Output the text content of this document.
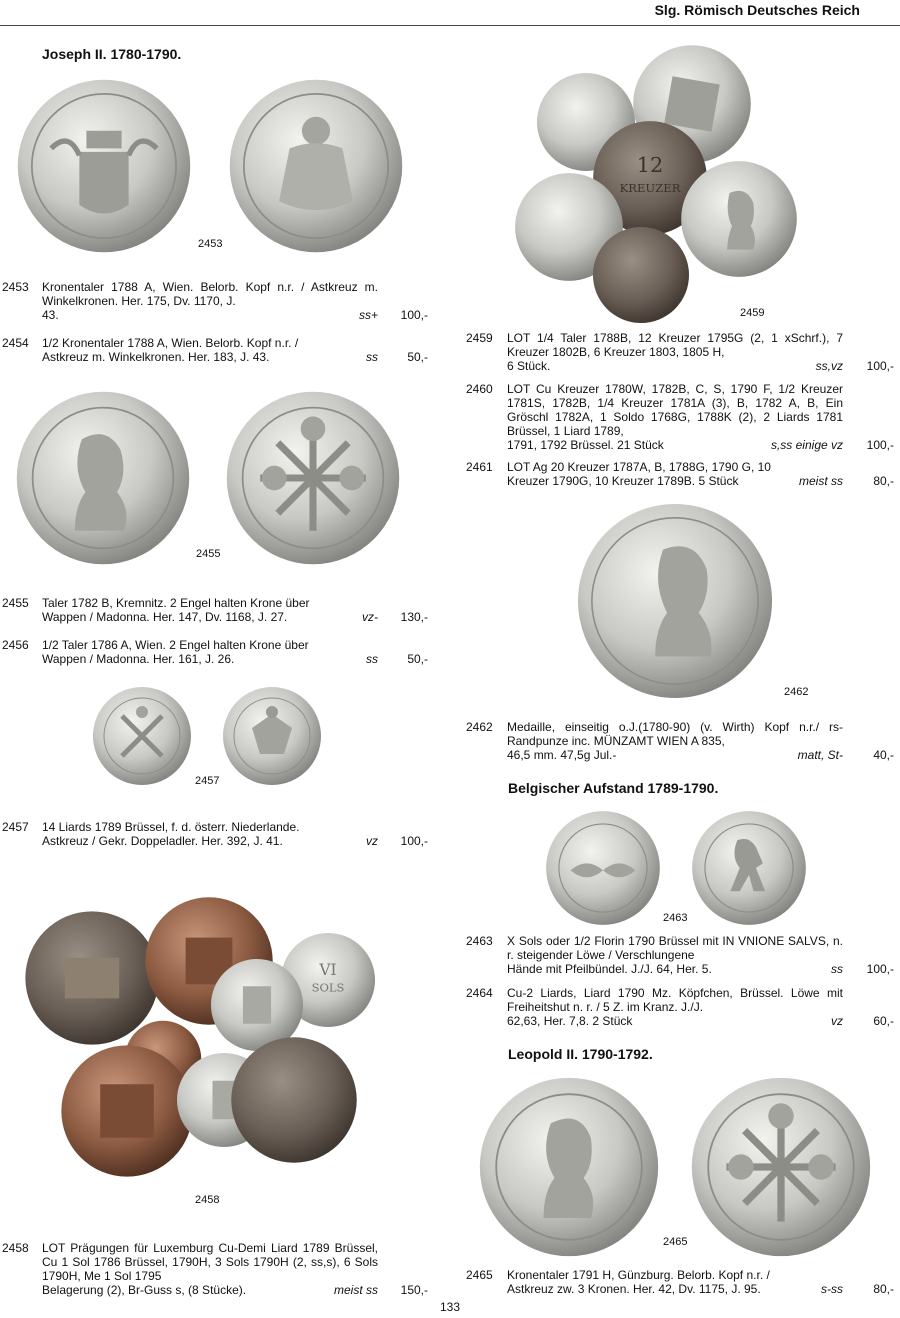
Slg. Römisch Deutsches Reich
Joseph II. 1780-1790.
2453
2453	Kronentaler 1788 A, Wien. Belorb. Kopf n.r. / Astkreuz m. Winkelkronen. Her. 175, Dv. 1170, J.
43.	ss+	100,-
2454	1/2 Kronentaler 1788 A, Wien. Belorb. Kopf n.r. /
Astkreuz m. Winkelkronen. Her. 183, J. 43.	ss	50,-
2455
2455	Taler 1782 B, Kremnitz. 2 Engel halten Krone über
Wappen / Madonna. Her. 147, Dv. 1168, J. 27.	vz-	130,-
2456	1/2 Taler 1786 A, Wien. 2 Engel halten Krone über
Wappen / Madonna. Her. 161, J. 26.	ss	50,-
2457
2457	14 Liards 1789 Brüssel, f. d. österr. Niederlande.
Astkreuz / Gekr. Doppeladler. Her. 392, J. 41.	vz	100,-
VI
SOLS
2458
2458	LOT Prägungen für Luxemburg Cu-Demi Liard 1789 Brüssel, Cu 1 Sol 1786 Brüssel, 1790H, 3 Sols 1790H (2, ss,s), 6 Sols 1790H, Me 1 Sol 1795
Belagerung (2), Br-Guss s, (8 Stücke).	meist ss	150,-
12
KREUZER
2459
2459	LOT 1/4 Taler 1788B, 12 Kreuzer 1795G (2, 1 xSchrf.), 7 Kreuzer 1802B, 6 Kreuzer 1803, 1805 H,
6 Stück.	ss,vz	100,-
2460	LOT Cu Kreuzer 1780W, 1782B, C, S, 1790 F, 1/2 Kreuzer 1781S, 1782B, 1/4 Kreuzer 1781A (3), B, 1782 A, B, Ein Gröschl 1782A, 1 Soldo 1768G, 1788K (2), 2 Liards 1781 Brüssel, 1 Liard 1789,
1791, 1792 Brüssel. 21 Stück	s,ss einige vz	100,-
2461	LOT Ag 20 Kreuzer 1787A, B, 1788G, 1790 G, 10
Kreuzer 1790G, 10 Kreuzer 1789B. 5 Stück	meist ss	80,-
2462
2462	Medaille, einseitig o.J.(1780-90) (v. Wirth) Kopf n.r./ rs- Randpunze inc. MÜNZAMT WIEN A 835,
46,5 mm. 47,5g Jul.-	matt, St-	40,-
Belgischer Aufstand 1789-1790.
2463
2463	X Sols oder 1/2 Florin 1790 Brüssel mit IN VNIONE SALVS, n. r. steigender Löwe / Verschlungene
Hände mit Pfeilbündel. J./J. 64, Her. 5.	ss	100,-
2464	Cu-2 Liards, Liard 1790 Mz. Köpfchen, Brüssel. Löwe mit Freiheitshut n. r. / 5 Z. im Kranz. J./J.
62,63, Her. 7,8. 2 Stück	vz	60,-
Leopold II. 1790-1792.
2465
2465	Kronentaler 1791 H, Günzburg. Belorb. Kopf n.r. /
Astkreuz zw. 3 Kronen. Her. 42, Dv. 1175, J. 95.	s-ss	80,-
133
